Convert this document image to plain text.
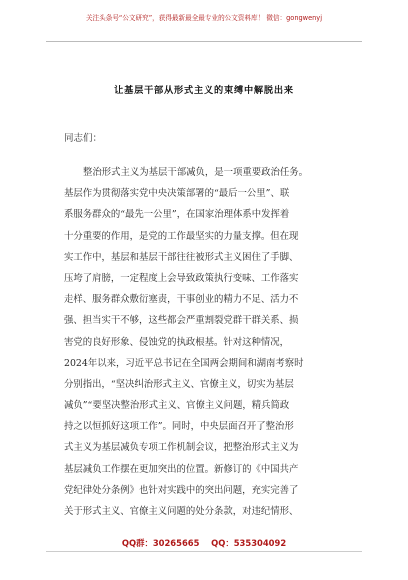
关注头条号“公文研究”，获得最新最全最专业的公文资料库！ 微信：gongwenyj
让基层干部从形式主义的束缚中解脱出来
同志们：
整治形式主义为基层干部减负，是一项重要政治任务。
基层作为贯彻落实党中央决策部署的“最后一公里”、联
系服务群众的“最先一公里”，在国家治理体系中发挥着
十分重要的作用，是党的工作最坚实的力量支撑。但在现
实工作中，基层和基层干部往往被形式主义困住了手脚、
压垮了肩膀，一定程度上会导致政策执行变味、工作落实
走样、服务群众敷衍塞责，干事创业的精力不足、活力不
强、担当实干不够，这些都会严重割裂党群干群关系、损
害党的良好形象、侵蚀党的执政根基。针对这种情况，
2024年以来，习近平总书记在全国两会期间和湖南考察时
分别指出，“坚决纠治形式主义、官僚主义，切实为基层
减负”“要坚决整治形式主义、官僚主义问题，精兵简政
持之以恒抓好这项工作”。同时，中央层面召开了整治形
式主义为基层减负专项工作机制会议，把整治形式主义为
基层减负工作摆在更加突出的位置。新修订的《中国共产
党纪律处分条例》也针对实践中的突出问题，充实完善了
关于形式主义、官僚主义问题的处分条款，对违纪情形、
QQ群：30265665    QQ：535304092
